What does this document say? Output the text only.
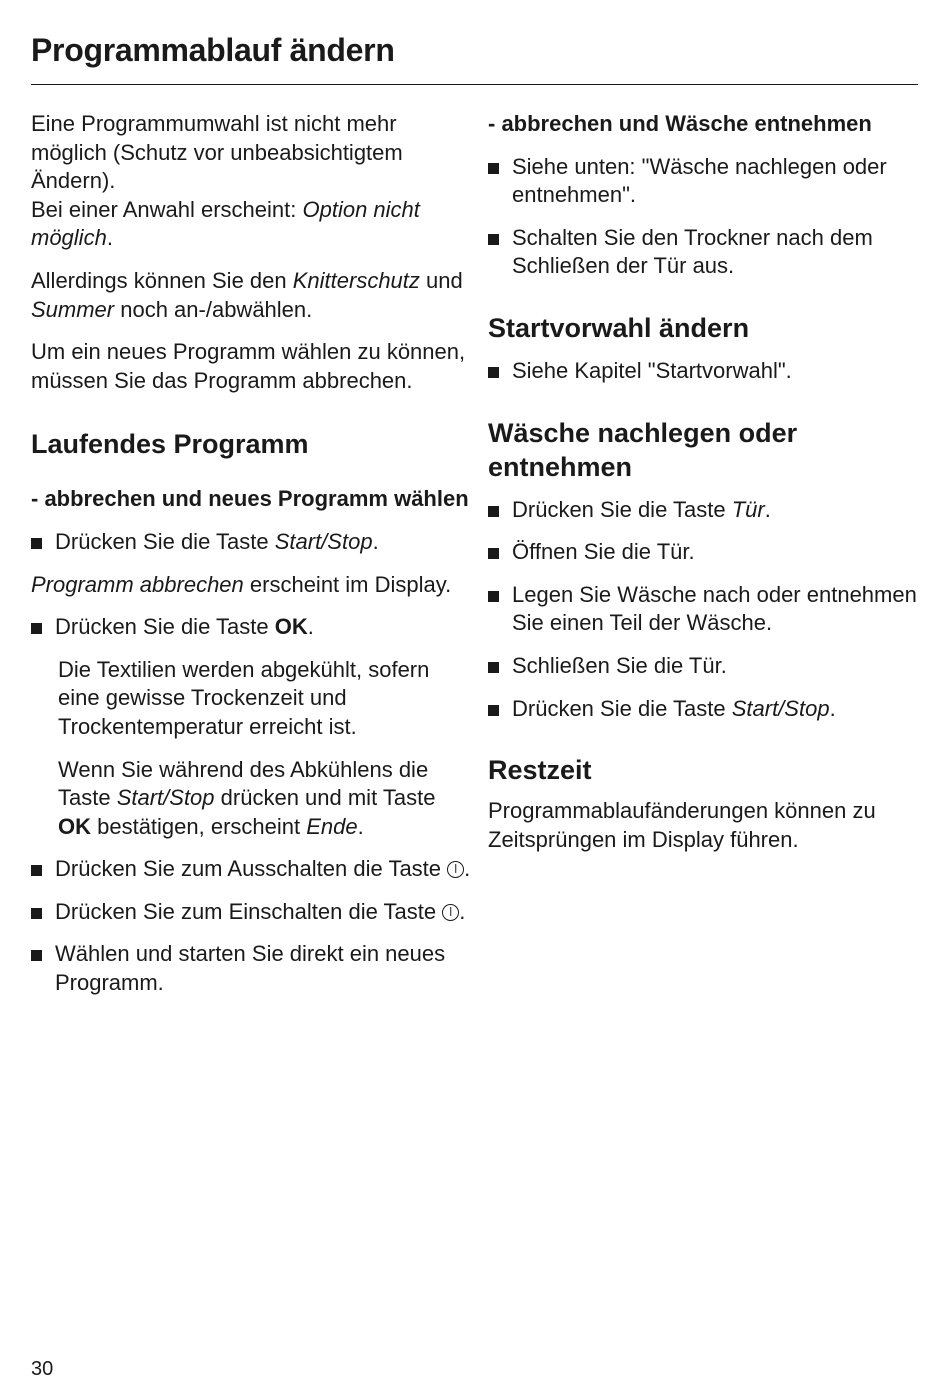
Programmablauf ändern

Eine Programmumwahl ist nicht mehr möglich (Schutz vor unbeabsichtigtem Ändern).
Bei einer Anwahl erscheint: Option nicht möglich.

Allerdings können Sie den Knitterschutz und Summer noch an-/abwählen.

Um ein neues Programm wählen zu können, müssen Sie das Programm abbrechen.

Laufendes Programm
- abbrechen und neues Programm wählen
Drücken Sie die Taste Start/Stop.

Programm abbrechen erscheint im Display.

Drücken Sie die Taste OK.

Die Textilien werden abgekühlt, sofern eine gewisse Trockenzeit und Trockentemperatur erreicht ist.

Wenn Sie während des Abkühlens die Taste Start/Stop drücken und mit Taste OK bestätigen, erscheint Ende.

Drücken Sie zum Ausschalten die Taste .
Drücken Sie zum Einschalten die Taste .
Wählen und starten Sie direkt ein neues Programm.
- abbrechen und Wäsche entnehmen
Siehe unten: "Wäsche nachlegen oder entnehmen".
Schalten Sie den Trockner nach dem Schließen der Tür aus.
Startvorwahl ändern
Siehe Kapitel "Startvorwahl".
Wäsche nachlegen oder entnehmen
Drücken Sie die Taste Tür.
Öffnen Sie die Tür.
Legen Sie Wäsche nach oder entnehmen Sie einen Teil der Wäsche.
Schließen Sie die Tür.
Drücken Sie die Taste Start/Stop.
Restzeit

Programmablaufänderungen können zu Zeitsprüngen im Display führen.

30
